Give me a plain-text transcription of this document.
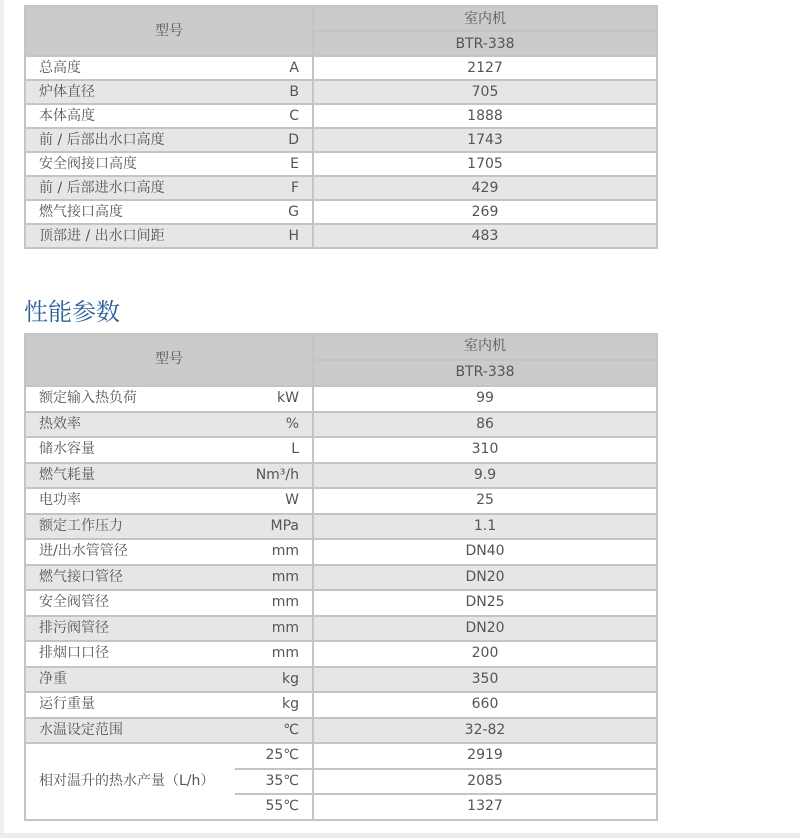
型号	室内机
	BTR-338

总高度 A	2127

炉体直径 B	705

本体高度 C	1888

前 / 后部出水口高度 D	1743

安全阀接口高度 E	1705

前 / 后部进水口高度 F	429

燃气接口高度 G	269

顶部进 / 出水口间距 H	483
性能参数
型号		室内机
		BTR-338
额定输入热负荷	kW	99
热效率	%	86
储水容量	L	310
燃气耗量	Nm³/h	9.9
电功率	W	25
额定工作压力	MPa	1.1
进/出水管管径	mm	DN40
燃气接口管径	mm	DN20
安全阀管径	mm	DN25
排污阀管径	mm	DN20
排烟口口径	mm	200
净重	kg	350
运行重量	kg	660
水温设定范围	℃	32-82
相对温升的热水产量（L/h）	25℃	2919
	35℃	2085
	55℃	1327
